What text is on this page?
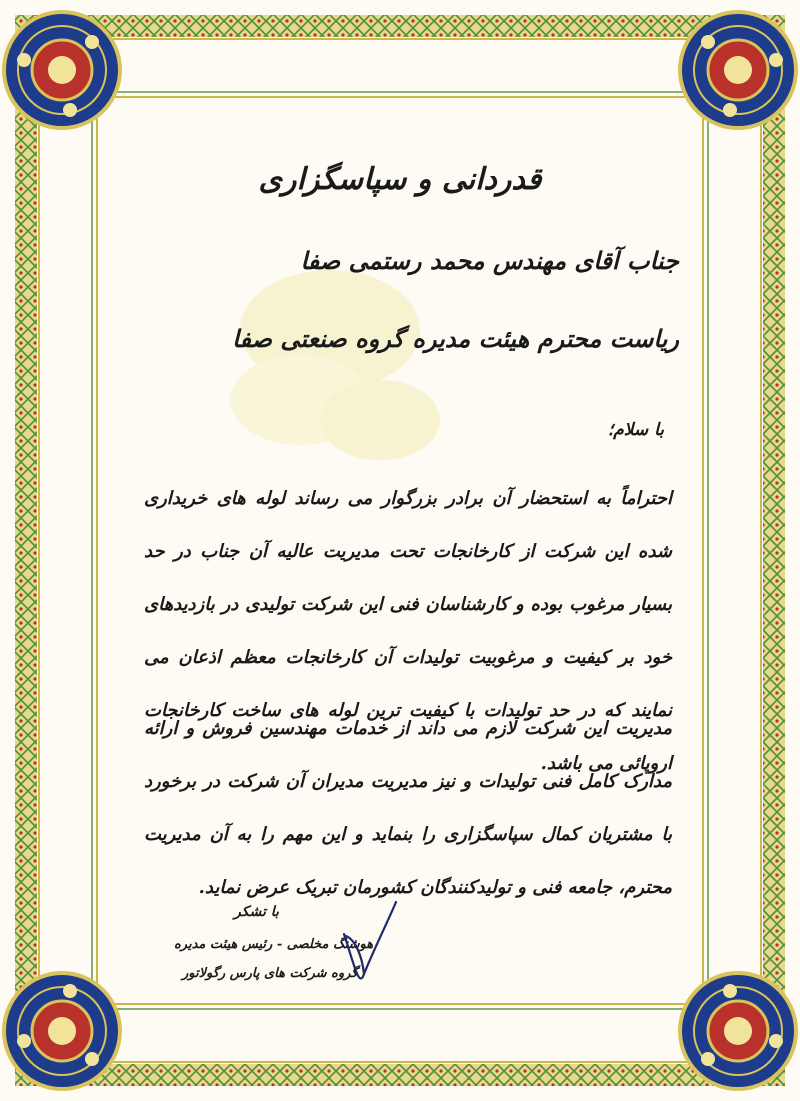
قدردانی و سپاسگزاری
جناب آقای مهندس محمد رستمی صفا
ریاست محترم هیئت مدیره گروه صنعتی صفا
با سلام؛
احتراماً به استحضار آن برادر بزرگوار می رساند لوله های خریداری شده این شرکت از کارخانجات تحت مدیریت عالیه آن جناب در حد بسیار مرغوب بوده و کارشناسان فنی این شرکت تولیدی در بازدیدهای خود بر کیفیت و مرغوبیت تولیدات آن کارخانجات معظم اذعان می نمایند که در حد تولیدات با کیفیت ترین لوله های ساخت کارخانجات اروپائی می باشد.
مدیریت این شرکت لازم می داند از خدمات مهندسین فروش و ارائه مدارک کامل فنی تولیدات و نیز مدیریت مدیران آن شرکت در برخورد با مشتریان کمال سپاسگزاری را بنماید و این مهم را به آن مدیریت محترم، جامعه فنی و تولیدکنندگان کشورمان تبریک عرض نماید.
با تشکر
هوشنگ مخلصی - رئیس هیئت مدیره
گروه شرکت های پارس رگولاتور
